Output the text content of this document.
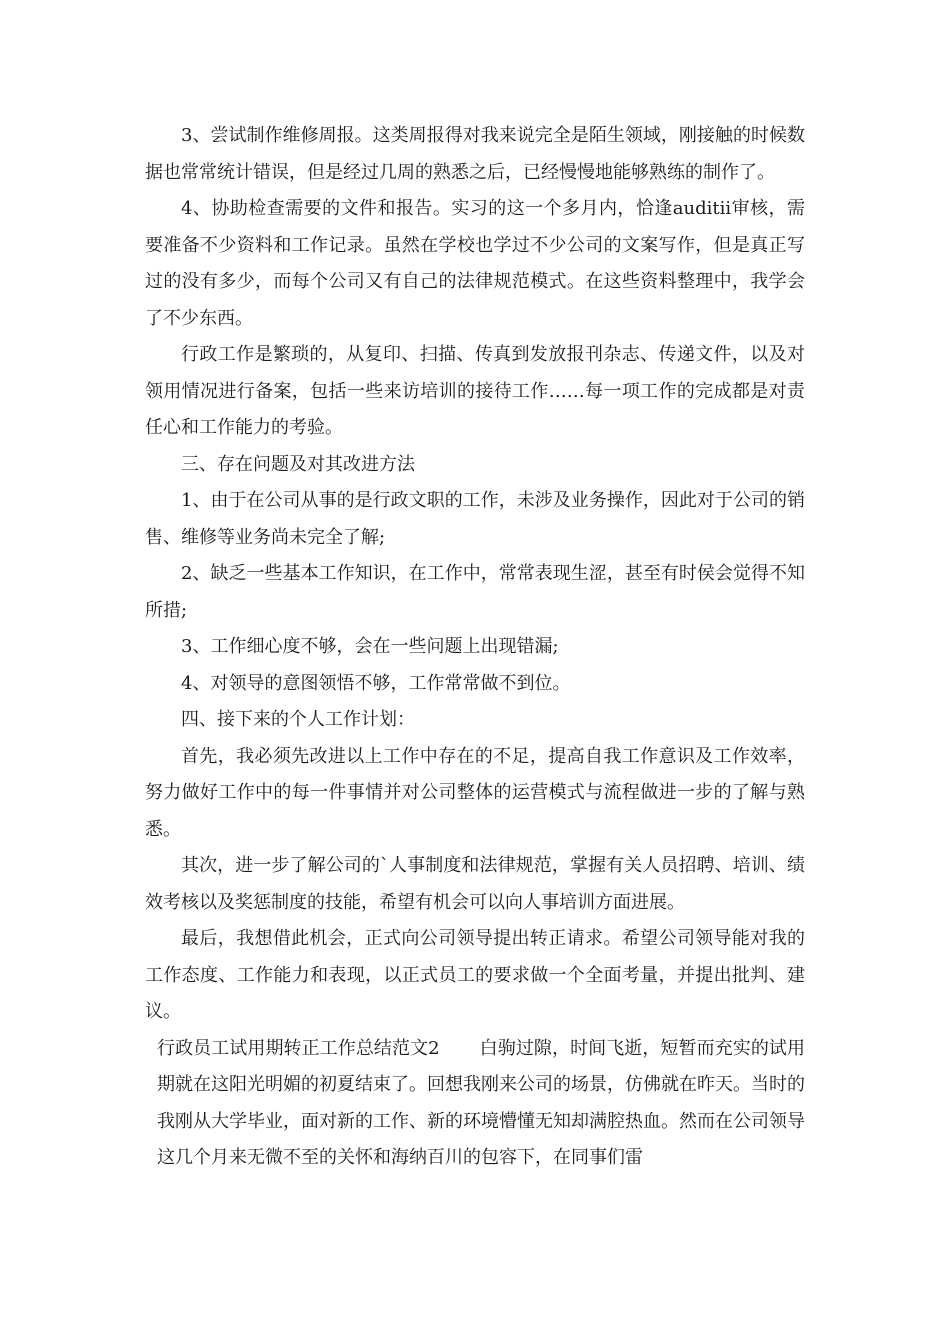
3、尝试制作维修周报。这类周报得对我来说完全是陌生领域，刚接触的时候数据也常常统计错误，但是经过几周的熟悉之后，已经慢慢地能够熟练的制作了。

4、协助检查需要的文件和报告。实习的这一个多月内，恰逢auditii审核，需要准备不少资料和工作记录。虽然在学校也学过不少公司的文案写作，但是真正写过的没有多少，而每个公司又有自己的法律规范模式。在这些资料整理中，我学会了不少东西。

行政工作是繁琐的，从复印、扫描、传真到发放报刊杂志、传递文件，以及对领用情况进行备案，包括一些来访培训的接待工作……每一项工作的完成都是对责任心和工作能力的考验。

三、存在问题及对其改进方法

1、由于在公司从事的是行政文职的工作，未涉及业务操作，因此对于公司的销售、维修等业务尚未完全了解;

2、缺乏一些基本工作知识，在工作中，常常表现生涩，甚至有时侯会觉得不知所措;

3、工作细心度不够，会在一些问题上出现错漏;

4、对领导的意图领悟不够，工作常常做不到位。

四、接下来的个人工作计划：

首先，我必须先改进以上工作中存在的不足，提高自我工作意识及工作效率，努力做好工作中的每一件事情并对公司整体的运营模式与流程做进一步的了解与熟悉。

其次，进一步了解公司的`人事制度和法律规范，掌握有关人员招聘、培训、绩效考核以及奖惩制度的技能，希望有机会可以向人事培训方面进展。

最后，我想借此机会，正式向公司领导提出转正请求。希望公司领导能对我的工作态度、工作能力和表现，以正式员工的要求做一个全面考量，并提出批判、建议。

行政员工试用期转正工作总结范文2 白驹过隙，时间飞逝，短暂而充实的试用期就在这阳光明媚的初夏结束了。回想我刚来公司的场景，仿佛就在昨天。当时的我刚从大学毕业，面对新的工作、新的环境懵懂无知却满腔热血。然而在公司领导这几个月来无微不至的关怀和海纳百川的包容下，在同事们雷
